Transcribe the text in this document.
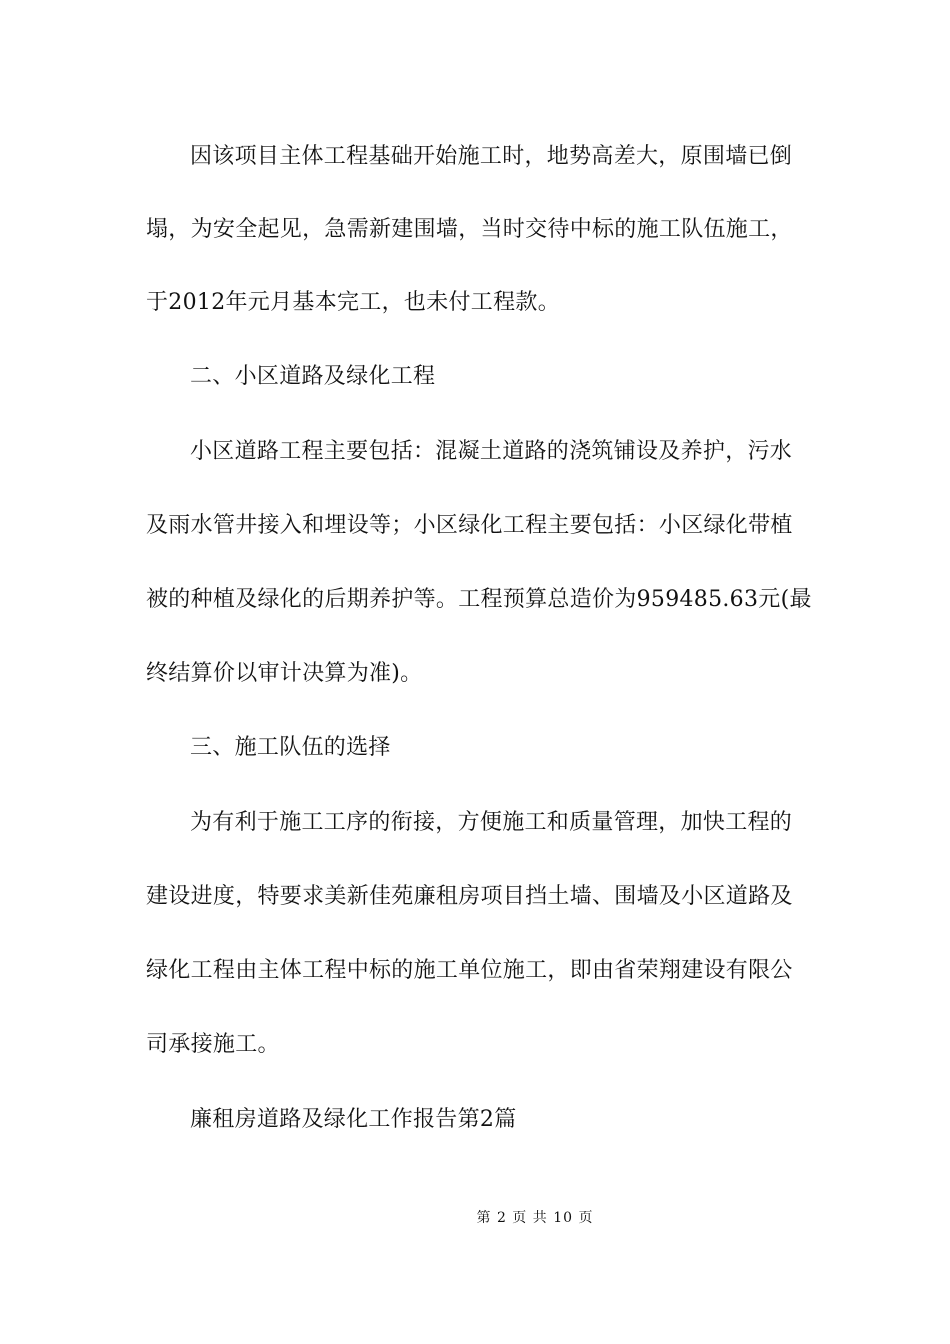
因该项目主体工程基础开始施工时，地势高差大，原围墙已倒
塌，为安全起见，急需新建围墙，当时交待中标的施工队伍施工，
于2012年元月基本完工，也未付工程款。
二、小区道路及绿化工程
小区道路工程主要包括：混凝土道路的浇筑铺设及养护，污水
及雨水管井接入和埋设等；小区绿化工程主要包括：小区绿化带植
被的种植及绿化的后期养护等。工程预算总造价为959485.63元(最
终结算价以审计决算为准)。
三、施工队伍的选择
为有利于施工工序的衔接，方便施工和质量管理，加快工程的
建设进度，特要求美新佳苑廉租房项目挡土墙、围墙及小区道路及
绿化工程由主体工程中标的施工单位施工，即由省荣翔建设有限公
司承接施工。
廉租房道路及绿化工作报告第2篇
第 2 页 共 10 页
